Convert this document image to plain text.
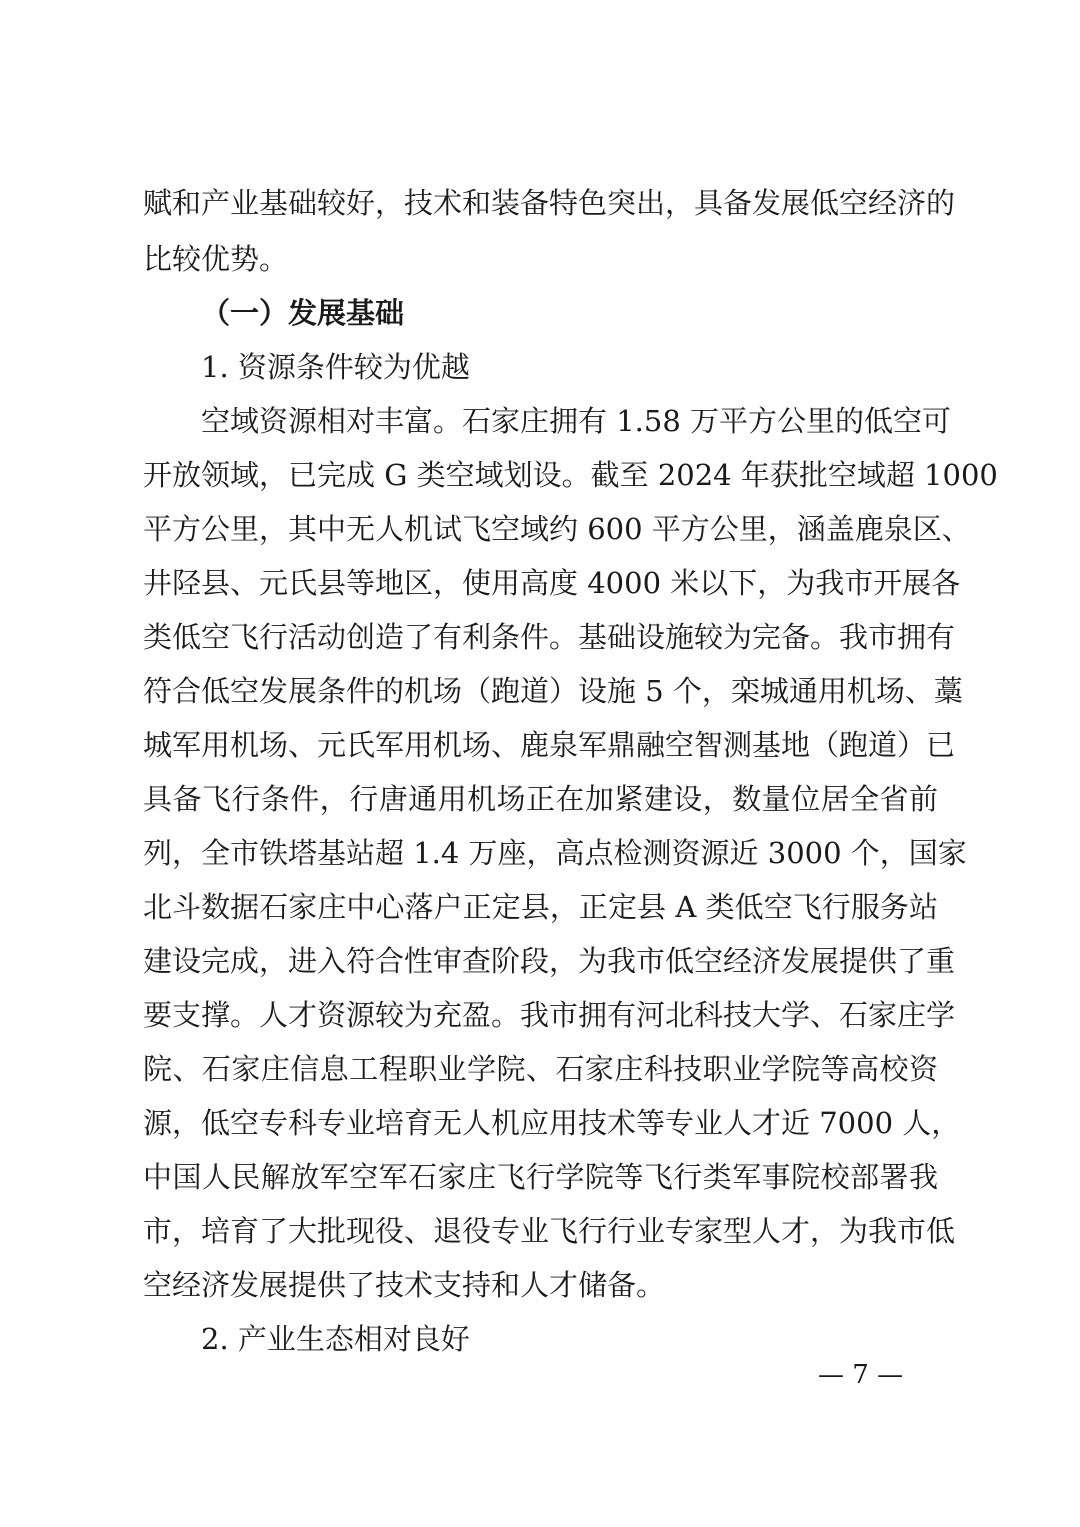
赋和产业基础较好，技术和装备特色突出，具备发展低空经济的
比较优势。
（一）发展基础
1. 资源条件较为优越
空域资源相对丰富。石家庄拥有 1.58 万平方公里的低空可
开放领域，已完成 G 类空域划设。截至 2024 年获批空域超 1000
平方公里，其中无人机试飞空域约 600 平方公里，涵盖鹿泉区、
井陉县、元氏县等地区，使用高度 4000 米以下，为我市开展各
类低空飞行活动创造了有利条件。基础设施较为完备。我市拥有
符合低空发展条件的机场（跑道）设施 5 个，栾城通用机场、藁
城军用机场、元氏军用机场、鹿泉军鼎融空智测基地（跑道）已
具备飞行条件，行唐通用机场正在加紧建设，数量位居全省前
列，全市铁塔基站超 1.4 万座，高点检测资源近 3000 个，国家
北斗数据石家庄中心落户正定县，正定县 A 类低空飞行服务站
建设完成，进入符合性审查阶段，为我市低空经济发展提供了重
要支撑。人才资源较为充盈。我市拥有河北科技大学、石家庄学
院、石家庄信息工程职业学院、石家庄科技职业学院等高校资
源，低空专科专业培育无人机应用技术等专业人才近 7000 人，
中国人民解放军空军石家庄飞行学院等飞行类军事院校部署我
市，培育了大批现役、退役专业飞行行业专家型人才，为我市低
空经济发展提供了技术支持和人才储备。
2. 产业生态相对良好
— 7 —
